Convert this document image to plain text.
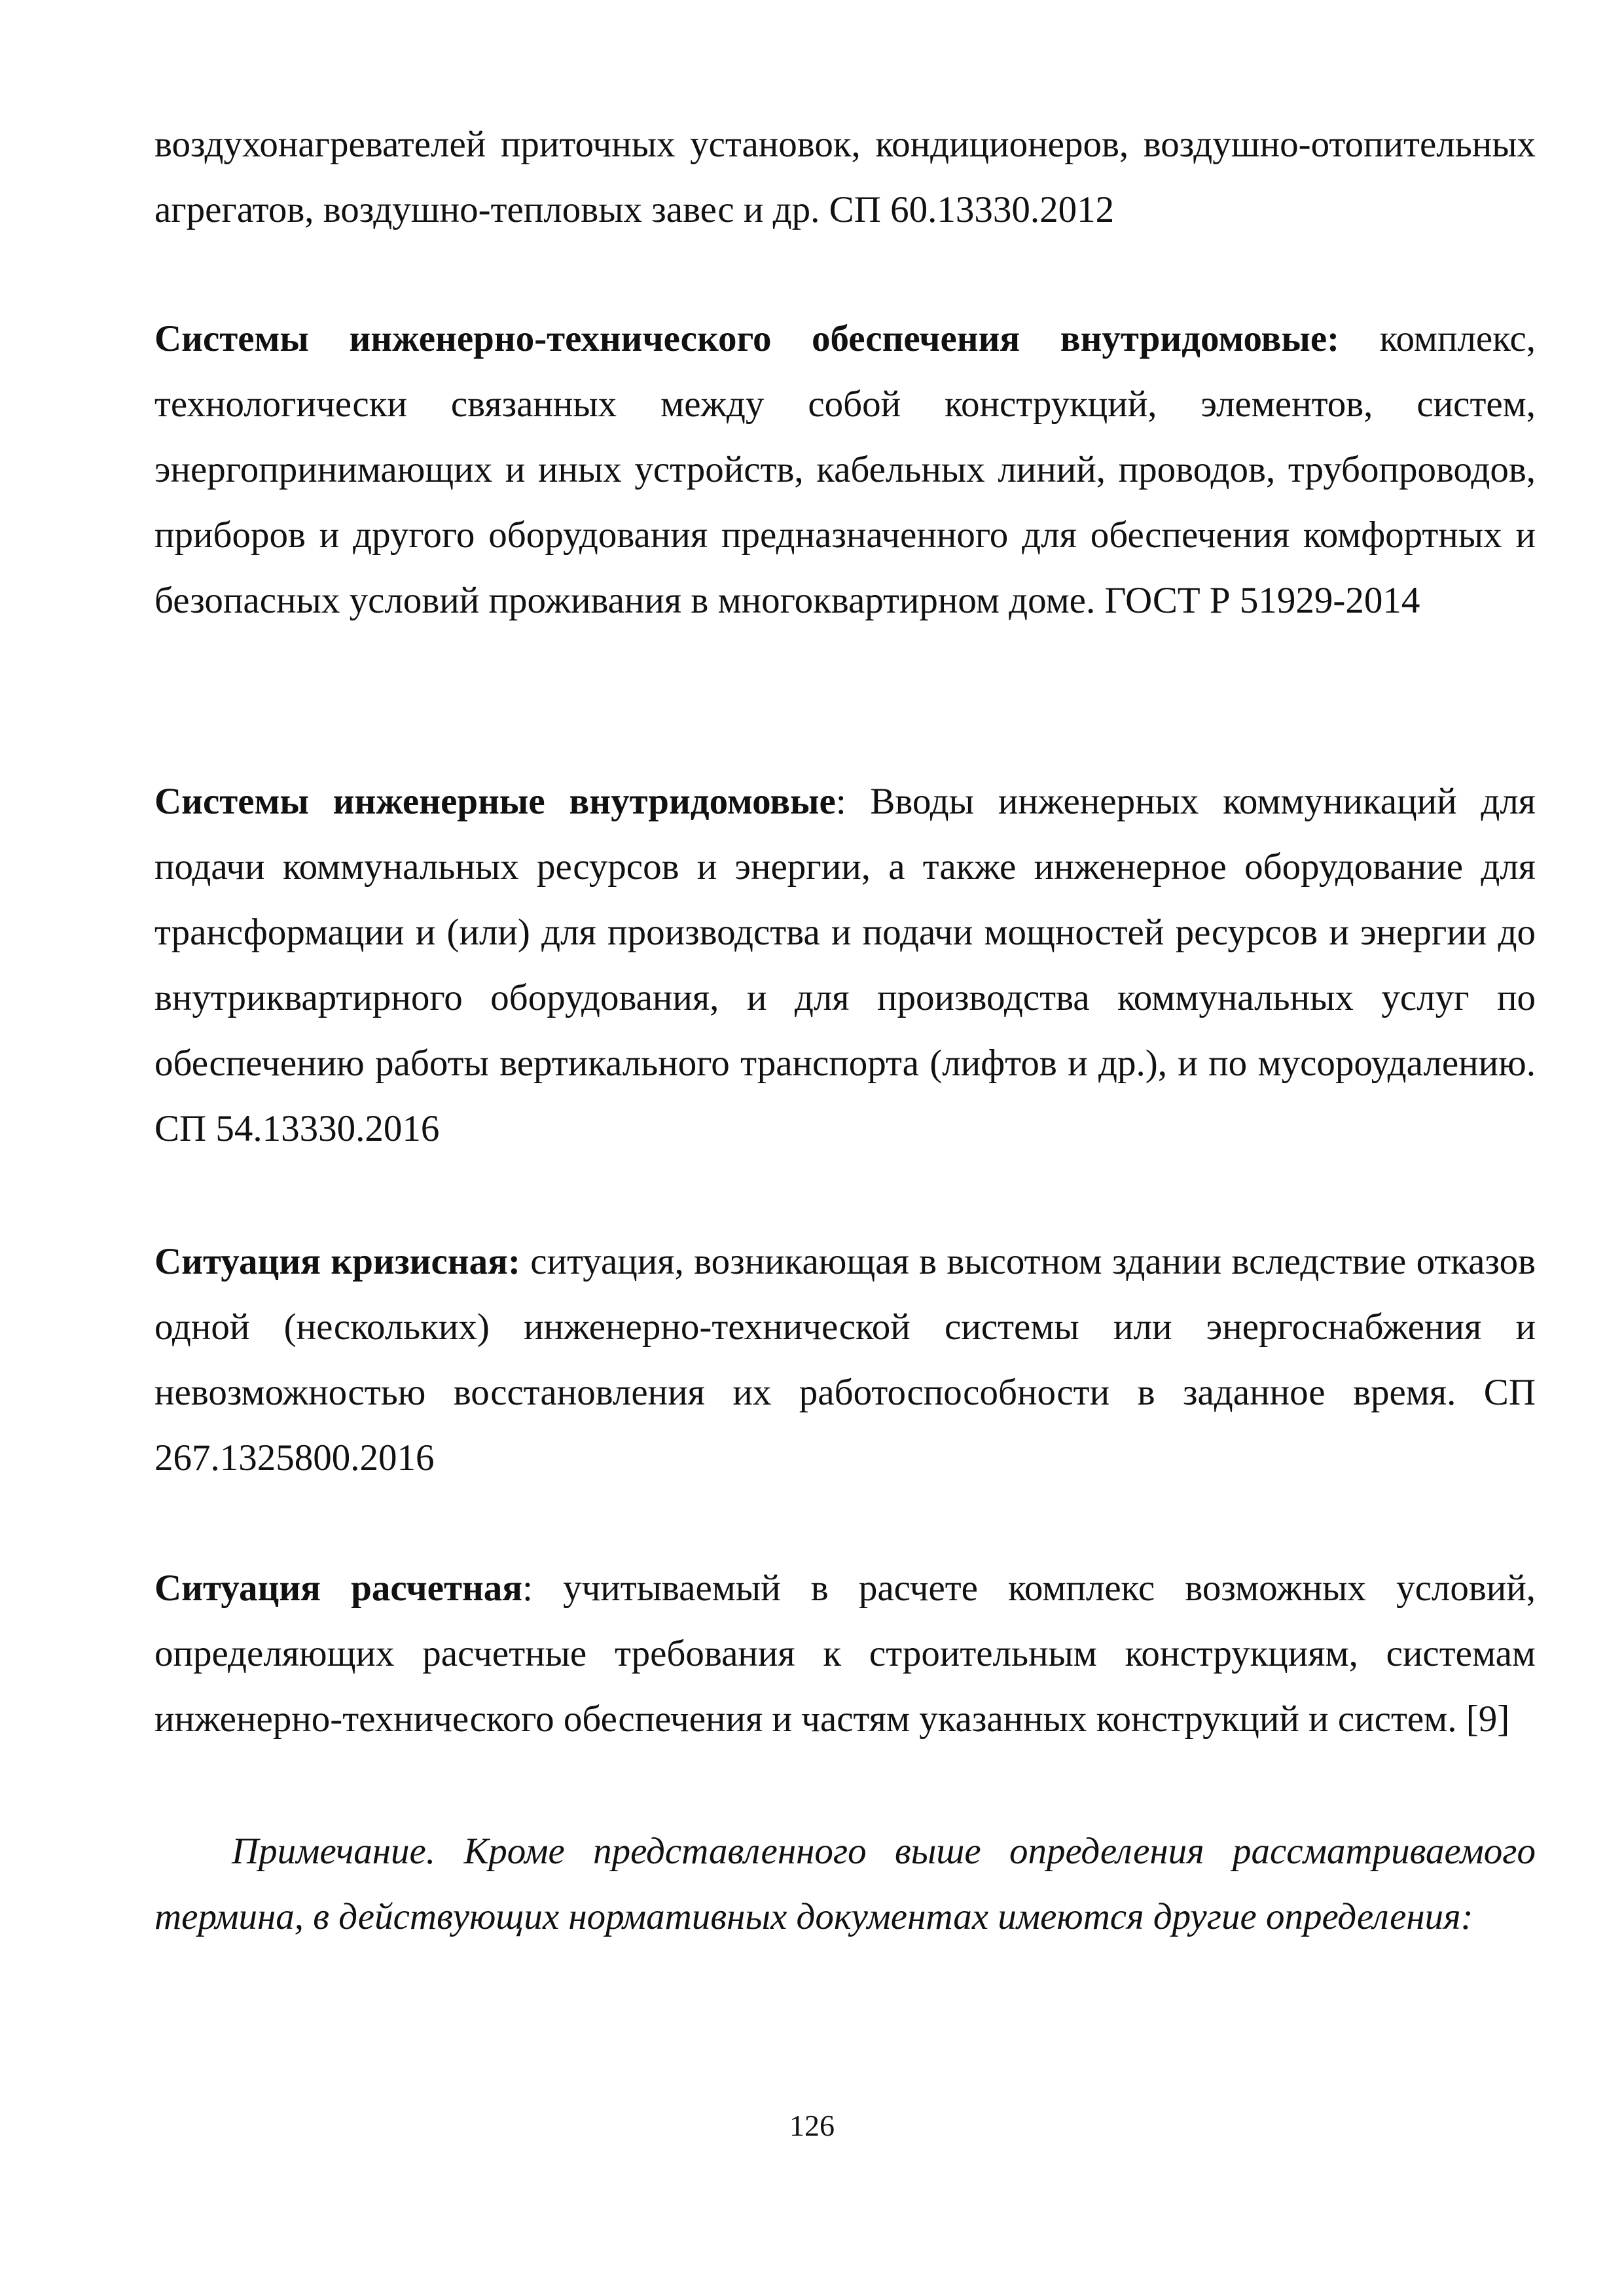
воздухонагревателей приточных установок, кондиционеров, воздушно-отопительных агрегатов, воздушно-тепловых завес и др. СП 60.13330.2012

Системы инженерно-технического обеспечения внутридомовые: комплекс, технологически связанных между собой конструкций, элементов, систем, энергопринимающих и иных устройств, кабельных линий, проводов, трубопроводов, приборов и другого оборудования предназначенного для обеспечения комфортных и безопасных условий проживания в многоквартирном доме. ГОСТ Р 51929-2014

Системы инженерные внутридомовые: Вводы инженерных коммуникаций для подачи коммунальных ресурсов и энергии, а также инженерное оборудование для трансформации и (или) для производства и подачи мощностей ресурсов и энергии до внутриквартирного оборудования, и для производства коммунальных услуг по обеспечению работы вертикального транспорта (лифтов и др.), и по мусороудалению. СП 54.13330.2016

Ситуация кризисная: ситуация, возникающая в высотном здании вследствие отказов одной (нескольких) инженерно-технической системы или энергоснабжения и невозможностью восстановления их работоспособности в заданное время. СП 267.1325800.2016

Ситуация расчетная: учитываемый в расчете комплекс возможных условий, определяющих расчетные требования к строительным конструкциям, системам инженерно-технического обеспечения и частям указанных конструкций и систем. [9]

Примечание. Кроме представленного выше определения рассматриваемого термина, в действующих нормативных документах имеются другие определения:

126
